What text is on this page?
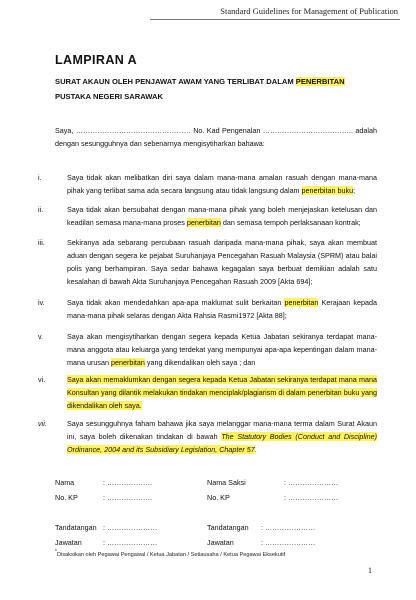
Standard Guidelines for Management of Publication
LAMPIRAN A
SURAT AKAUN OLEH PENJAWAT AWAM YANG TERLIBAT DALAM PENERBITAN PUSTAKA NEGERI SARAWAK
Saya, ………………………………………… No. Kad Pengenalan ……………………………….. adalah dengan sesungguhnya dan sebenarnya mengisytiharkan bahawa:
i.	Saya tidak akan melibatkan diri saya dalam mana-mana amalan rasuah dengan mana-mana pihak yang terlibat sama ada secara langsung atau tidak langsung dalam penerbitan buku;
ii.	Saya tidak akan bersubahat dengan mana-mana pihak yang boleh menjejaskan ketelusan dan keadilan semasa mana-mana proses penerbitan dan semasa tempoh perlaksanaan kontrak;
iii.	Sekiranya ada sebarang percubaan rasuah daripada mana-mana pihak, saya akan membuat aduan dengan segera ke pejabat Suruhanjaya Pencegahan Rasuah Malaysia (SPRM) atau balai polis yang berhampiran. Saya sedar bahawa kegagalan saya berbuat demikian adalah satu kesalahan di bawah Akta Suruhanjaya Pencegahan Rasuah 2009 [Akta 694];
iv.	Saya tidak akan mendedahkan apa-apa maklumat sulit berkaitan penerbitan Kerajaan kepada mana-mana pihak selaras dengan Akta Rahsia Rasmi1972 [Akta 88];
v.	Saya akan mengisytiharkan dengan segera kepada Ketua Jabatan sekiranya terdapat mana-mana anggota atau keluarga yang terdekat yang mempunyai apa-apa kepentingan dalam mana-mana urusan penerbitan yang dikendalikan oleh saya ; dan
vi.	Saya akan memaklumkan dengan segera kepada Ketua Jabatan sekiranya terdapat mana mana Konsultan yang dilantik melakukan tindakan menciplak/plagiarism di dalam penerbitan buku yang dikendalikan oleh saya.
vii.	Saya sesungguhnya faham bahawa jika saya melanggar mana-mana terma dalam Surat Akaun ini, saya boleh dikenakan tindakan di bawah The Statutory Bodies (Conduct and Discipline) Ordinance, 2004 and its Subsidiary Legislation, Chapter 57.
Nama	: ……………….	Nama Saksi	: …………………
No. KP	: ……………….	No. KP	: …………………
Tandatangan : …………………	Tandatangan : …………………
Jawatan	: …………………	Jawatan	: …………………
*Disaksikan oleh Pegawai Pengawal / Ketua Jabatan / Setiausaha / Ketua Pegawai Eksekutif
1
